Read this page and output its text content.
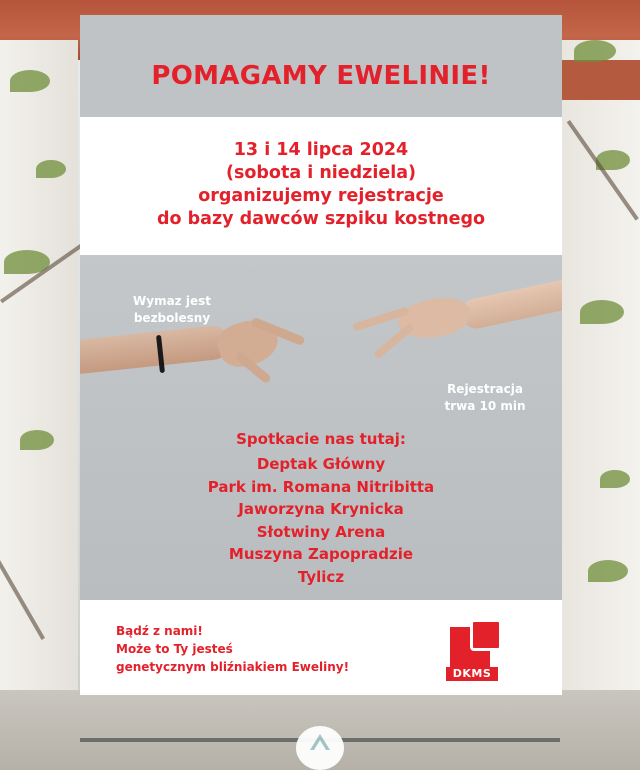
POMAGAMY EWELINIE!
13 i 14 lipca 2024
(sobota i niedziela)
organizujemy rejestracje
do bazy dawców szpiku kostnego
Wymaz jest
bezbolesny
Rejestracja
trwa 10 min
Spotkacie nas tutaj:
Deptak Główny
Park im. Romana Nitribitta
Jaworzyna Krynicka
Słotwiny Arena
Muszyna Zapopradzie
Tylicz
Bądź z nami!
Może to Ty jesteś
genetycznym bliźniakiem Eweliny!	DKMS
